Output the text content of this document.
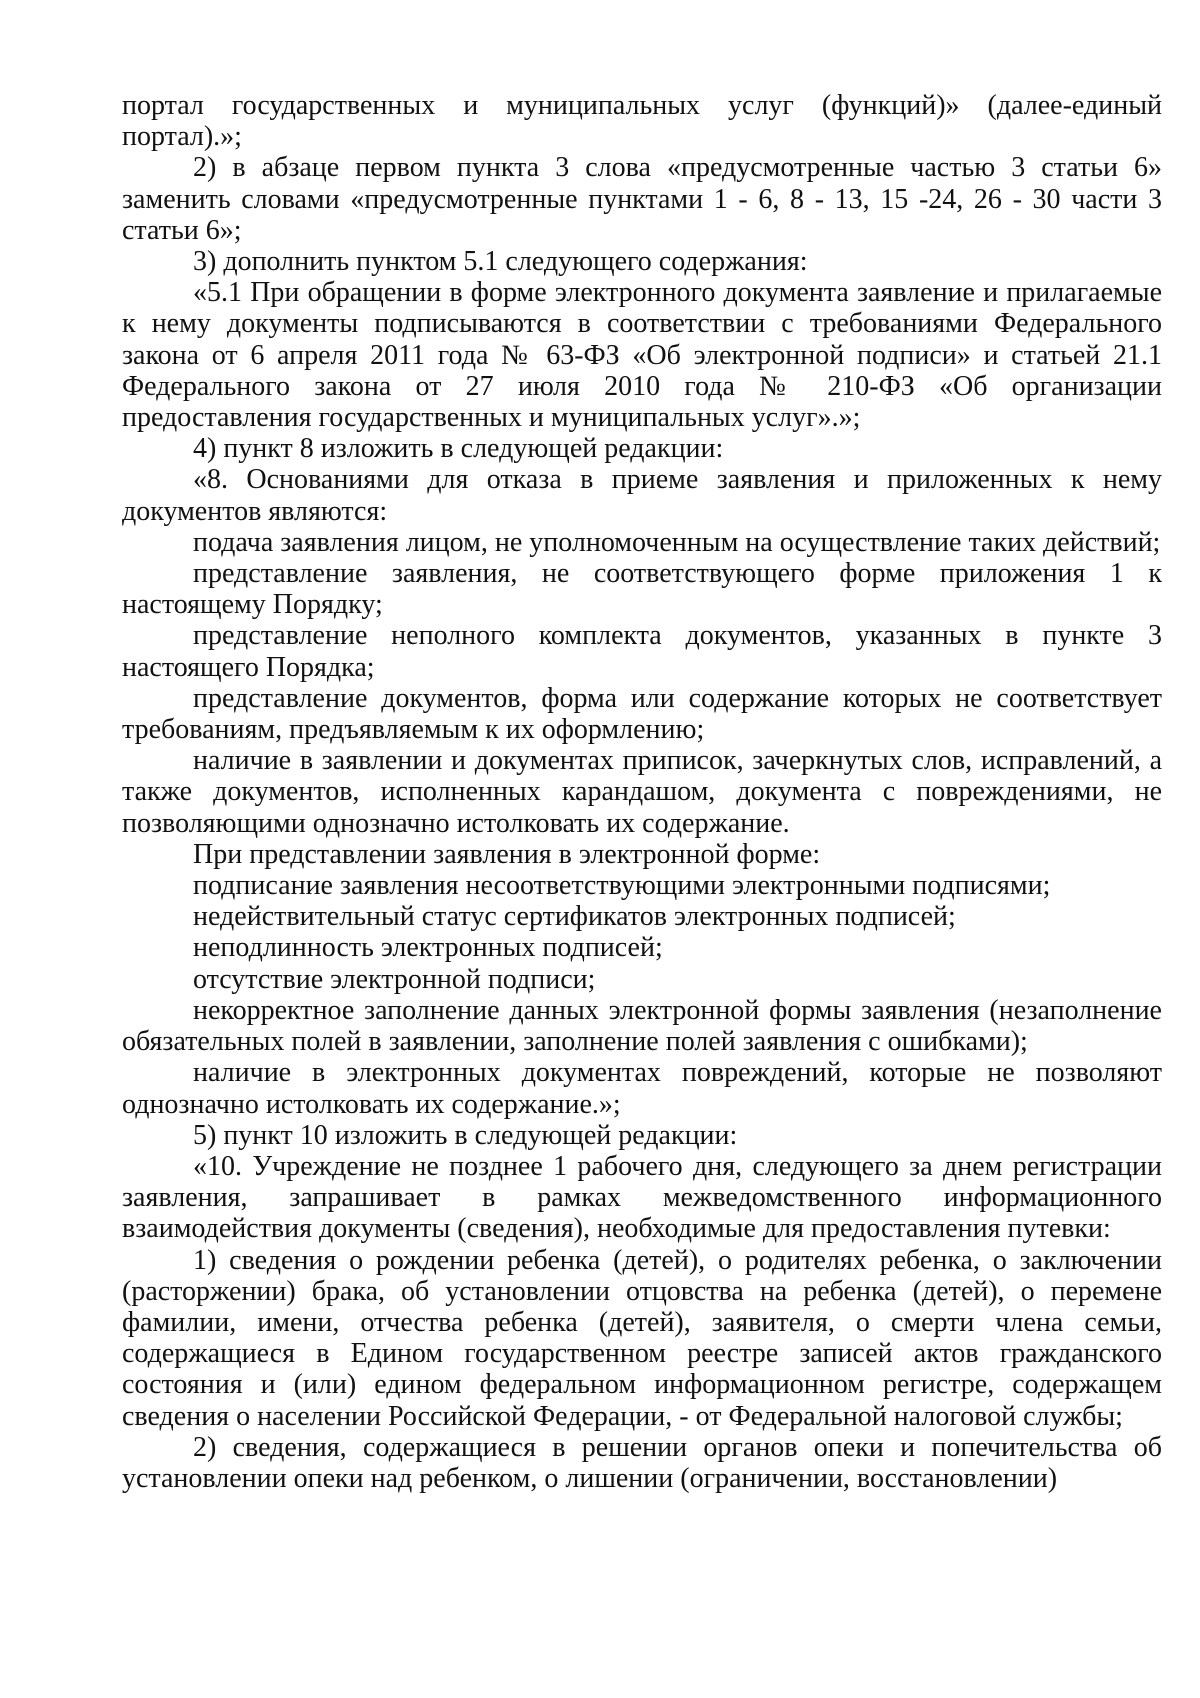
портал государственных и муниципальных услуг (функций)» (далее-единый портал).»;

2) в абзаце первом пункта 3 слова «предусмотренные частью 3 статьи 6» заменить словами «предусмотренные пунктами 1 - 6, 8 - 13, 15 -24, 26 - 30 части 3 статьи 6»;

3) дополнить пунктом 5.1 следующего содержания:

«5.1 При обращении в форме электронного документа заявление и прилагаемые к нему документы подписываются в соответствии с требованиями Федерального закона от 6 апреля 2011 года № 63-ФЗ «Об электронной подписи» и статьей 21.1 Федерального закона от 27 июля 2010 года № 210-ФЗ «Об организации предоставления государственных и муниципальных услуг».»;

4) пункт 8 изложить в следующей редакции:

«8. Основаниями для отказа в приеме заявления и приложенных к нему документов являются:

подача заявления лицом, не уполномоченным на осуществление таких действий;

представление заявления, не соответствующего форме приложения 1 к настоящему Порядку;

представление неполного комплекта документов, указанных в пункте 3 настоящего Порядка;

представление документов, форма или содержание которых не соответствует требованиям, предъявляемым к их оформлению;

наличие в заявлении и документах приписок, зачеркнутых слов, исправлений, а также документов, исполненных карандашом, документа с повреждениями, не позволяющими однозначно истолковать их содержание.

При представлении заявления в электронной форме:

подписание заявления несоответствующими электронными подписями;

недействительный статус сертификатов электронных подписей;

неподлинность электронных подписей;

отсутствие электронной подписи;

некорректное заполнение данных электронной формы заявления (незаполнение обязательных полей в заявлении, заполнение полей заявления с ошибками);

наличие в электронных документах повреждений, которые не позволяют однозначно истолковать их содержание.»;

5) пункт 10 изложить в следующей редакции:

«10. Учреждение не позднее 1 рабочего дня, следующего за днем регистрации заявления, запрашивает в рамках межведомственного информационного взаимодействия документы (сведения), необходимые для предоставления путевки:

1) сведения о рождении ребенка (детей), о родителях ребенка, о заключении (расторжении) брака, об установлении отцовства на ребенка (детей), о перемене фамилии, имени, отчества ребенка (детей), заявителя, о смерти члена семьи, содержащиеся в Едином государственном реестре записей актов гражданского состояния и (или) едином федеральном информационном регистре, содержащем сведения о населении Российской Федерации, - от Федеральной налоговой службы;

2) сведения, содержащиеся в решении органов опеки и попечительства об установлении опеки над ребенком, о лишении (ограничении, восстановлении)
